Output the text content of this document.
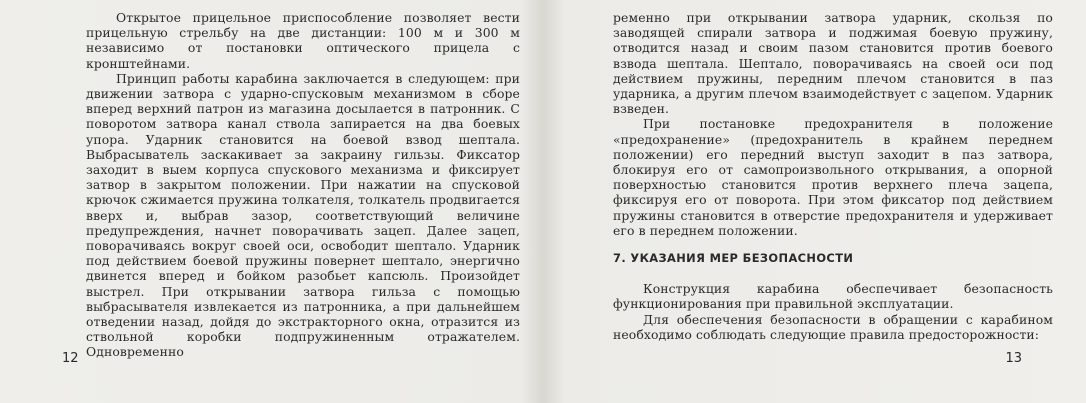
Открытое прицельное приспособление позволяет вести прицельную стрельбу на две дистанции: 100 м и 300 м независимо от постановки оптического прицела с кронштейнами.

Принцип работы карабина заключается в следующем: при движении затвора с ударно-спусковым механизмом в сборе вперед верхний патрон из магазина досылается в патронник. С поворотом затвора канал ствола запирается на два боевых упора. Ударник становится на боевой взвод шептала. Выбрасыватель заскакивает за закраину гильзы. Фиксатор заходит в выем корпуса спускового механизма и фиксирует затвор в закрытом положении. При нажатии на спусковой крючок сжимается пружина толкателя, толкатель продвигается вверх и, выбрав зазор, соответствующий величине предупреждения, начнет поворачивать зацеп. Далее зацеп, поворачиваясь вокруг своей оси, освободит шептало. Ударник под действием боевой пружины повернет шептало, энергично двинется вперед и бойком разобьет капсюль. Произойдет выстрел. При открывании затвора гильза с помощью выбрасывателя извлекается из патронника, а при дальнейшем отведении назад, дойдя до экстракторного окна, отразится из ствольной коробки подпружиненным отражателем. Одновременно

12

ременно при открывании затвора ударник, скользя по заводящей спирали затвора и поджимая боевую пружину, отводится назад и своим пазом становится против боевого взвода шептала. Шептало, поворачиваясь на своей оси под действием пружины, передним плечом становится в паз ударника, а другим плечом взаимодействует с зацепом. Ударник взведен.

При постановке предохранителя в положение «предохранение» (предохранитель в крайнем переднем положении) его передний выступ заходит в паз затвора, блокируя его от самопроизвольного открывания, а опорной поверхностью становится против верхнего плеча зацепа, фиксируя его от поворота. При этом фиксатор под действием пружины становится в отверстие предохранителя и удерживает его в переднем положении.

7. УКАЗАНИЯ МЕР БЕЗОПАСНОСТИ

Конструкция карабина обеспечивает безопасность функционирования при правильной эксплуатации.

Для обеспечения безопасности в обращении с карабином необходимо соблюдать следующие правила предосторожности:

13
